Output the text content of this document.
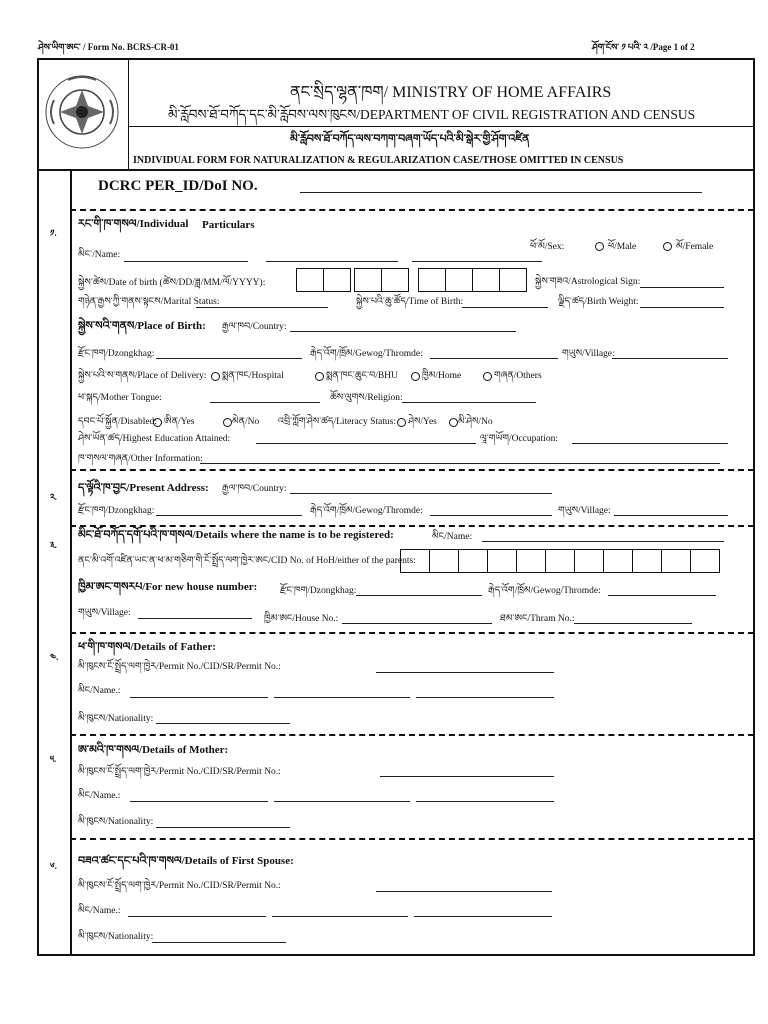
ཤེས་ཡིག་ཨང་ / Form No. BCRS-CR-01	ཤོག་ངོས་ ༡ པའི་ ༢ /Page 1 of 2
ནང་སྲིད་ལྷན་ཁག/ MINISTRY OF HOME AFFAIRS
མི་རློབས་ཐོ་བཀོད་དང་མི་རློབས་ལས་ཁུངས/DEPARTMENT OF CIVIL REGISTRATION AND CENSUS
མི་རློབས་ཐོ་བཀོད་ལས་བཀག་བཞག་ཡོད་པའི་མི་སྒེར་གྱི་ཤོག་འཛིན
INDIVIDUAL FORM FOR NATURALIZATION & REGULARIZATION CASE/THOSE OMITTED IN CENSUS
DCRC PER_ID/DoI NO.
༡.
རང་གི་ཁ་གསལ/Individual Particulars
ཕོ་མོ/Sex:	ཕོ/Male	མོ/Female
མིང་/Name:
སྐྱེས་ཚེས/Date of birth (ཚེས/DD/ཟླ/MM/ལོ/YYYY):	སྐྱེས་གཟའ/Astrological Sign:
གཉེན་རྒྱས་ཀྱི་གནས་སྟངས/Marital Status:	སྐྱེས་པའི་ཆུ་ཚོད/Time of Birth:	ལྗིད་ཚད/Birth Weight:
སྐྱེས་སའི་གནས/Place of Birth: རྒྱལ་ཁབ/Country:
རྫོང་ཁག/Dzongkhag:	རྒེད་འོག/ཁྲོམ/Gewog/Thromde:	གཡུས/Village:
སྐྱེས་པའི་ས་གནས/Place of Delivery: སྨན་ཁང/Hospital	སྨན་ཁང་ཆུང་བ/BHU	ཁྱིམ/Home	གཞན/Others
ཕ་སྐད/Mother Tongue:	ཆོས་ལུགས/Religion:
དབང་པོ་སྐྱོན/Disabled: ཨིན/Yes	མེན/No འབྲི་ཀློག་ཤེས་ཚད/Literacy Status: ཤེས/Yes མི་ཤེས/No
ཤེས་ཡོན་ཚད/Highest Education Attained:	ལཱ་གཡོག/Occupation:
ཁ་གསལ་གཞན/Other Information:
༢.
ད་ལྟོའི་ཁ་བྱང/Present Address: རྒྱལ་ཁབ/Country:
རྫོང་ཁག/Dzongkhag:	རྒེད་འོག/ཁྲོམ/Gewog/Thromde:	གཡུས/Village:
༣.
མིང་ཐོ་བཀོད་དགོ་པའི་ཁ་གསལ/Details where the name is to be registered:	མིང/Name:
ནང་མི་འགོ་འཛིན་ཡང་ན་ཕ་མ་གཅིག་གི་ངོ་སྤྲོད་ལག་ཁྱེར་ཨང/CID No. of HoH/either of the parents:
ཁྱིམ་ཨང་གསརཔ/For new house number: རྫོང་ཁག/Dzongkhag:	རྒེད་འོག/ཁྲོམ/Gewog/Thromde:
གཡུས/Village:
ཁྱིམ་ཨང/House No.:	ཐམ་ཨང/Thram No.:
༤.
ཕ་གི་ཁ་གསལ/Details of Father:
མི་ཁུངས་ངོ་སྤྲོད་ལག་ཁྱེར/Permit No./CID/SR/Permit No.:
མིང/Name.:
མི་ཁུངས/Nationality:
༥.
ཨ་མའི་ཁ་གསལ/Details of Mother:
མི་ཁུངས་ངོ་སྤྲོད་ལག་ཁྱེར/Permit No./CID/SR/Permit No.:
མིང/Name.:
མི་ཁུངས/Nationality:
༦. བཟའ་ཚང་དང་པའི་ཁ་གསལ/Details of First Spouse:
མི་ཁུངས་ངོ་སྤྲོད་ལག་ཁྱེར/Permit No./CID/SR/Permit No.:
མིང/Name.:
མི་ཁུངས/Nationality:
